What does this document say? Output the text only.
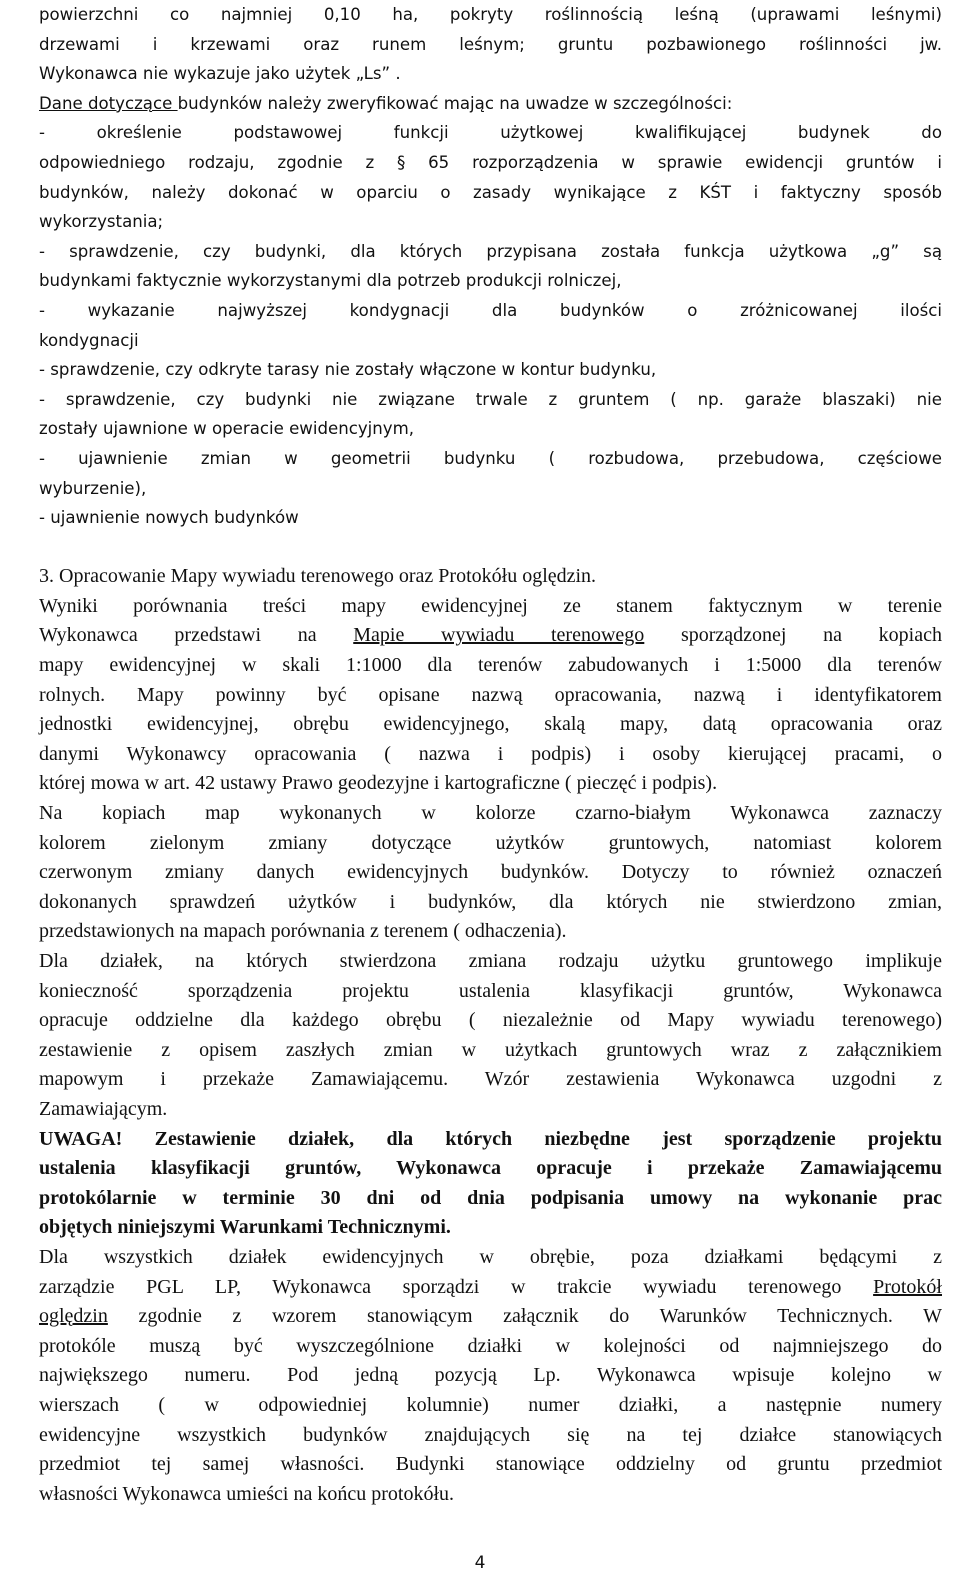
powierzchni co najmniej 0,10 ha, pokryty roślinnością leśną (uprawami leśnymi)
drzewami i krzewami oraz runem leśnym; gruntu pozbawionego roślinności jw.
Wykonawca nie wykazuje jako użytek „Ls” .
Dane dotyczące budynków należy zweryfikować mając na uwadze w szczególności:
- określenie podstawowej funkcji użytkowej kwalifikującej budynek do
odpowiedniego rodzaju, zgodnie z § 65 rozporządzenia w sprawie ewidencji gruntów i
budynków, należy dokonać w oparciu o zasady wynikające z KŚT i faktyczny sposób
wykorzystania;
- sprawdzenie, czy budynki, dla których przypisana została funkcja użytkowa „g” są
budynkami faktycznie wykorzystanymi dla potrzeb produkcji rolniczej,
- wykazanie najwyższej kondygnacji dla budynków o zróżnicowanej ilości
kondygnacji
- sprawdzenie, czy odkryte tarasy nie zostały włączone w kontur budynku,
- sprawdzenie, czy budynki nie związane trwale z gruntem ( np. garaże blaszaki) nie
zostały ujawnione w operacie ewidencyjnym,
- ujawnienie zmian w geometrii budynku ( rozbudowa, przebudowa, częściowe
wyburzenie),
- ujawnienie nowych budynków
3. Opracowanie Mapy wywiadu terenowego oraz Protokółu oględzin.
Wyniki porównania treści mapy ewidencyjnej ze stanem faktycznym w terenie
Wykonawca przedstawi na Mapie wywiadu terenowego sporządzonej na kopiach
mapy ewidencyjnej w skali 1:1000 dla terenów zabudowanych i 1:5000 dla terenów
rolnych. Mapy powinny być opisane nazwą opracowania, nazwą i identyfikatorem
jednostki ewidencyjnej, obrębu ewidencyjnego, skalą mapy, datą opracowania oraz
danymi Wykonawcy opracowania ( nazwa i podpis) i osoby kierującej pracami, o
której mowa w art. 42 ustawy Prawo geodezyjne i kartograficzne ( pieczęć i podpis).
Na kopiach map wykonanych w kolorze czarno-białym Wykonawca zaznaczy
kolorem zielonym zmiany dotyczące użytków gruntowych, natomiast kolorem
czerwonym zmiany danych ewidencyjnych budynków. Dotyczy to również oznaczeń
dokonanych sprawdzeń użytków i budynków, dla których nie stwierdzono zmian,
przedstawionych na mapach porównania z terenem ( odhaczenia).
Dla działek, na których stwierdzona zmiana rodzaju użytku gruntowego implikuje
konieczność sporządzenia projektu ustalenia klasyfikacji gruntów, Wykonawca
opracuje oddzielne dla każdego obrębu ( niezależnie od Mapy wywiadu terenowego)
zestawienie z opisem zaszłych zmian w użytkach gruntowych wraz z załącznikiem
mapowym i przekaże Zamawiającemu. Wzór zestawienia Wykonawca uzgodni z
Zamawiającym.
UWAGA! Zestawienie działek, dla których niezbędne jest sporządzenie projektu
ustalenia klasyfikacji gruntów, Wykonawca opracuje i przekaże Zamawiającemu
protokólarnie w terminie 30 dni od dnia podpisania umowy na wykonanie prac
objętych niniejszymi Warunkami Technicznymi.
Dla wszystkich działek ewidencyjnych w obrębie, poza działkami będącymi z
zarządzie PGL LP, Wykonawca sporządzi w trakcie wywiadu terenowego Protokół
oględzin zgodnie z wzorem stanowiącym załącznik do Warunków Technicznych. W
protokóle muszą być wyszczególnione działki w kolejności od najmniejszego do
największego numeru. Pod jedną pozycją Lp. Wykonawca wpisuje kolejno w
wierszach ( w odpowiedniej kolumnie) numer działki, a następnie numery
ewidencyjne wszystkich budynków znajdujących się na tej działce stanowiących
przedmiot tej samej własności. Budynki stanowiące oddzielny od gruntu przedmiot
własności Wykonawca umieści na końcu protokółu.
4
